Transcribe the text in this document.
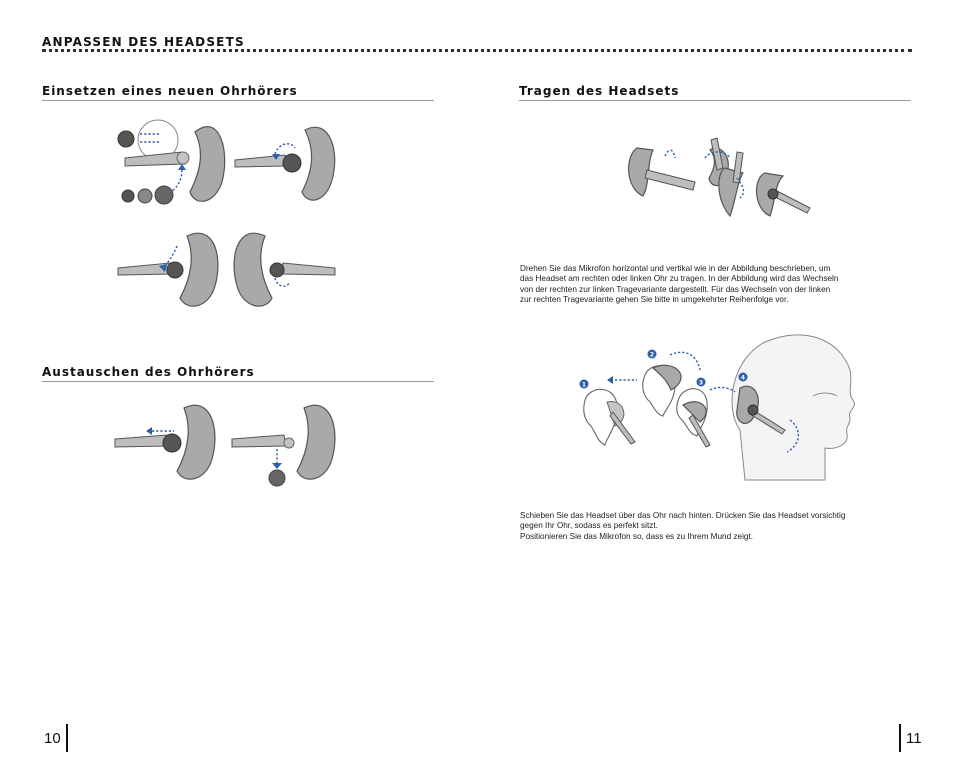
ANPASSEN DES HEADSETS
Einsetzen eines neuen Ohrhörers
Austauschen des Ohrhörers
Tragen des Headsets
Drehen Sie das Mikrofon horizontal und vertikal wie in der Abbildung beschrieben, um
das Headset am rechten oder linken Ohr zu tragen. In der Abbildung wird das Wechseln
von der rechten zur linken Tragevariante dargestellt. Für das Wechseln von der linken
zur rechten Tragevariante gehen Sie bitte in umgekehrter Reihenfolge vor.
1
2
3
4
Schieben Sie das Headset über das Ohr nach hinten. Drücken Sie das Headset vorsichtig
gegen Ihr Ohr, sodass es perfekt sitzt.
Positionieren Sie das Mikrofon so, dass es zu Ihrem Mund zeigt.
10	11
